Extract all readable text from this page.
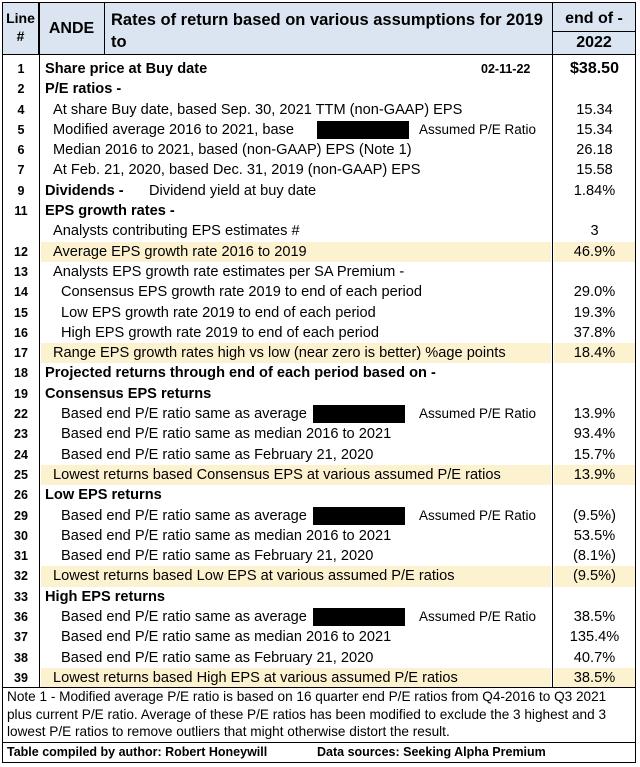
Line
#	ANDE	Rates of return based on various assumptions for 2019 to
end of -
2022
1	Share price at Buy date	02-11-22	$38.50
2	P/E ratios -
4	At share Buy date, based Sep. 30, 2021 TTM (non-GAAP) EPS	15.34
5	Modified average 2016 to 2021, base	Assumed P/E Ratio	15.34
6	Median 2016 to 2021, based (non-GAAP) EPS (Note 1)	26.18
7	At Feb. 21, 2020, based Dec. 31, 2019 (non-GAAP) EPS	15.58
9	Dividends - Dividend yield at buy date	1.84%
11	EPS growth rates -
Analysts contributing EPS estimates #	3
12	Average EPS growth rate 2016 to 2019	46.9%
13	Analysts EPS growth rate estimates per SA Premium -
14	Consensus EPS growth rate 2019 to end of each period	29.0%
15	Low EPS growth rate 2019 to end of each period	19.3%
16	High EPS growth rate 2019 to end of each period	37.8%
17	Range EPS growth rates high vs low (near zero is better) %age points	18.4%
18	Projected returns through end of each period based on -
19	Consensus EPS returns
22	Based end P/E ratio same as average	Assumed P/E Ratio	13.9%
23	Based end P/E ratio same as median 2016 to 2021	93.4%
24	Based end P/E ratio same as February 21, 2020	15.7%
25	Lowest returns based Consensus EPS at various assumed P/E ratios	13.9%
26	Low EPS returns
29	Based end P/E ratio same as average	Assumed P/E Ratio	(9.5%)
30	Based end P/E ratio same as median 2016 to 2021	53.5%
31	Based end P/E ratio same as February 21, 2020	(8.1%)
32	Lowest returns based Low EPS at various assumed P/E ratios	(9.5%)
33	High EPS returns
36	Based end P/E ratio same as average	Assumed P/E Ratio	38.5%
37	Based end P/E ratio same as median 2016 to 2021	135.4%
38	Based end P/E ratio same as February 21, 2020	40.7%
39	Lowest returns based High EPS at various assumed P/E ratios	38.5%
Note 1 - Modified average P/E ratio is based on 16 quarter end P/E ratios from Q4-2016 to Q3 2021 plus current P/E ratio. Average of these P/E ratios has been modified to exclude the 3 highest and 3 lowest P/E ratios to remove outliers that might otherwise distort the result.
Table compiled by author: Robert Honeywill	Data sources: Seeking Alpha Premium
